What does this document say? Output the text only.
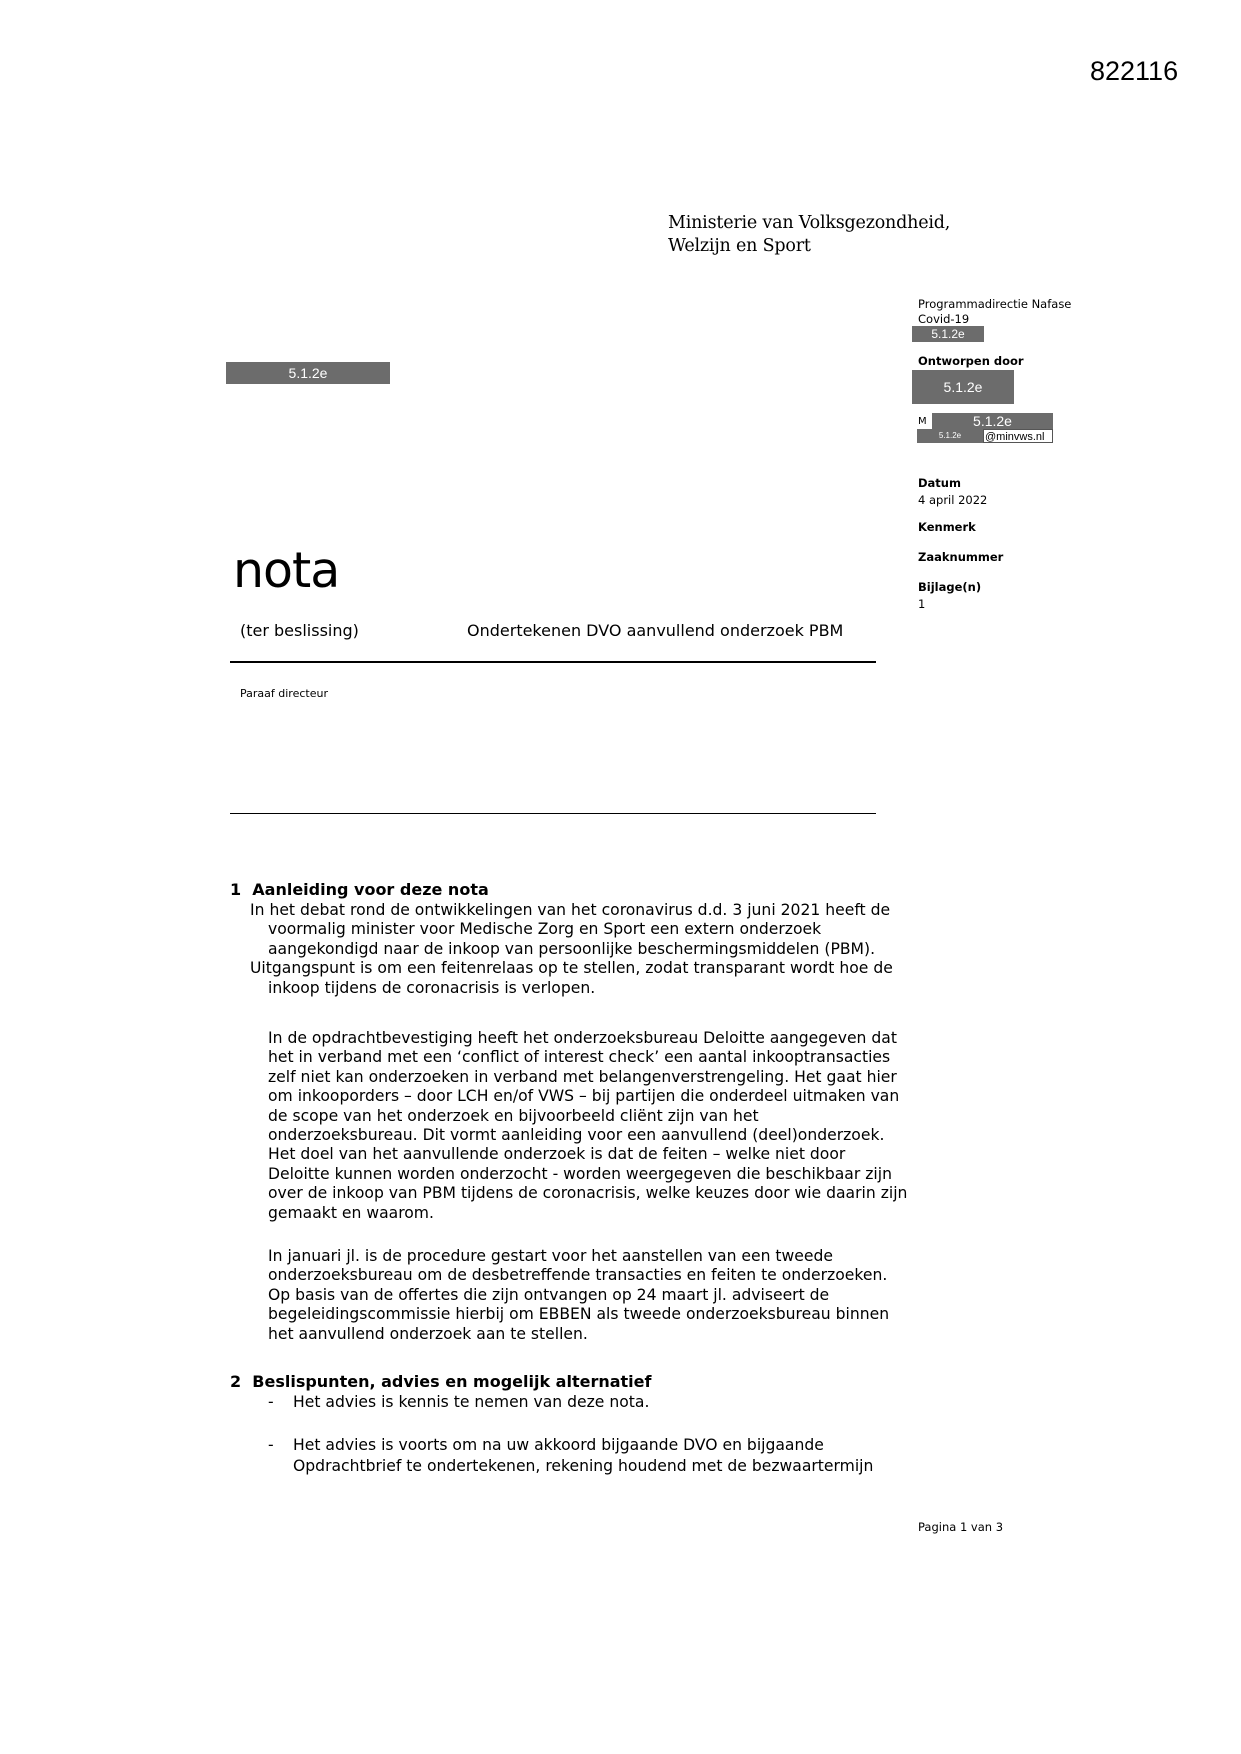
822116
Ministerie van Volksgezondheid,
Welzijn en Sport
5.1.2e
Programmadirectie Nafase
Covid-19
5.1.2e
Ontworpen door
5.1.2e
M	5.1.2e
5.1.2e	@minvws.nl
Datum
4 april 2022
Kenmerk
Zaaknummer
Bijlage(n)
1
nota
(ter beslissing)	Ondertekenen DVO aanvullend onderzoek PBM
Paraaf directeur
1  Aanleiding voor deze nota

In het debat rond de ontwikkelingen van het coronavirus d.d. 3 juni 2021 heeft de voormalig minister voor Medische Zorg en Sport een extern onderzoek aangekondigd naar de inkoop van persoonlijke beschermingsmiddelen (PBM).

Uitgangspunt is om een feitenrelaas op te stellen, zodat transparant wordt hoe de inkoop tijdens de coronacrisis is verlopen.

In de opdrachtbevestiging heeft het onderzoeksbureau Deloitte aangegeven dat het in verband met een ‘conflict of interest check’ een aantal inkooptransacties zelf niet kan onderzoeken in verband met belangenverstrengeling. Het gaat hier om inkooporders – door LCH en/of VWS – bij partijen die onderdeel uitmaken van de scope van het onderzoek en bijvoorbeeld cliënt zijn van het onderzoeksbureau. Dit vormt aanleiding voor een aanvullend (deel)onderzoek. Het doel van het aanvullende onderzoek is dat de feiten – welke niet door Deloitte kunnen worden onderzocht - worden weergegeven die beschikbaar zijn over de inkoop van PBM tijdens de coronacrisis, welke keuzes door wie daarin zijn gemaakt en waarom.
In januari jl. is de procedure gestart voor het aanstellen van een tweede onderzoeksbureau om de desbetreffende transacties en feiten te onderzoeken. Op basis van de offertes die zijn ontvangen op 24 maart jl. adviseert de begeleidingscommissie hierbij om EBBEN als tweede onderzoeksbureau binnen het aanvullend onderzoek aan te stellen.
2  Beslispunten, advies en mogelijk alternatief
- Het advies is kennis te nemen van deze nota.
- Het advies is voorts om na uw akkoord bijgaande DVO en bijgaande Opdrachtbrief te ondertekenen, rekening houdend met de bezwaartermijn
Pagina 1 van 3
